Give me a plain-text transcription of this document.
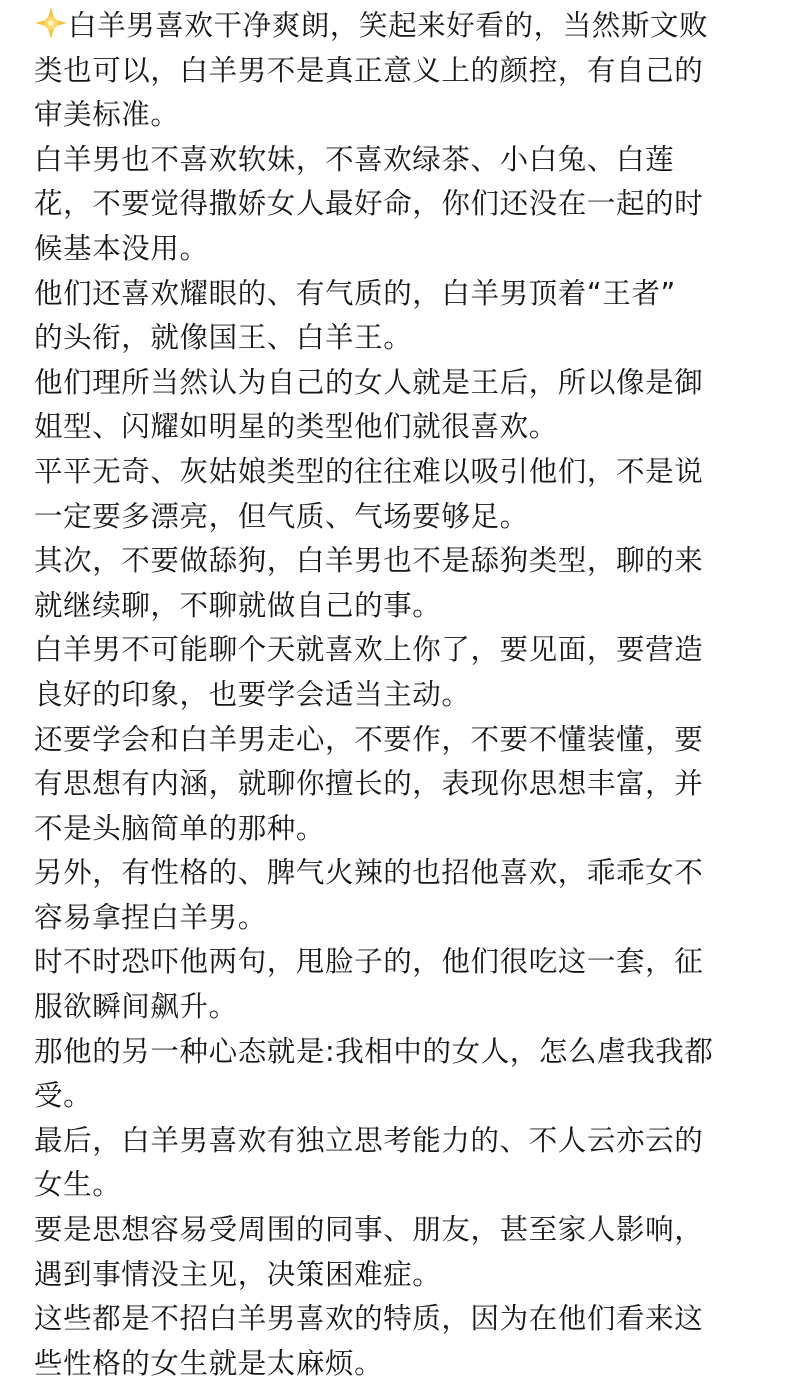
白羊男喜欢干净爽朗，笑起来好看的，当然斯文败
类也可以，白羊男不是真正意义上的颜控，有自己的
审美标准。
白羊男也不喜欢软妹，不喜欢绿茶、小白兔、白莲
花，不要觉得撒娇女人最好命，你们还没在一起的时
候基本没用。
他们还喜欢耀眼的、有气质的，白羊男顶着“王者”
的头衔，就像国王、白羊王。
他们理所当然认为自己的女人就是王后，所以像是御
姐型、闪耀如明星的类型他们就很喜欢。
平平无奇、灰姑娘类型的往往难以吸引他们，不是说
一定要多漂亮，但气质、气场要够足。
其次，不要做舔狗，白羊男也不是舔狗类型，聊的来
就继续聊，不聊就做自己的事。
白羊男不可能聊个天就喜欢上你了，要见面，要营造
良好的印象，也要学会适当主动。
还要学会和白羊男走心，不要作，不要不懂装懂，要
有思想有内涵，就聊你擅长的，表现你思想丰富，并
不是头脑简单的那种。
另外，有性格的、脾气火辣的也招他喜欢，乖乖女不
容易拿捏白羊男。
时不时恐吓他两句，甩脸子的，他们很吃这一套，征
服欲瞬间飙升。
那他的另一种心态就是:我相中的女人，怎么虐我我都
受。
最后，白羊男喜欢有独立思考能力的、不人云亦云的
女生。
要是思想容易受周围的同事、朋友，甚至家人影响，
遇到事情没主见，决策困难症。
这些都是不招白羊男喜欢的特质，因为在他们看来这
些性格的女生就是太麻烦。
